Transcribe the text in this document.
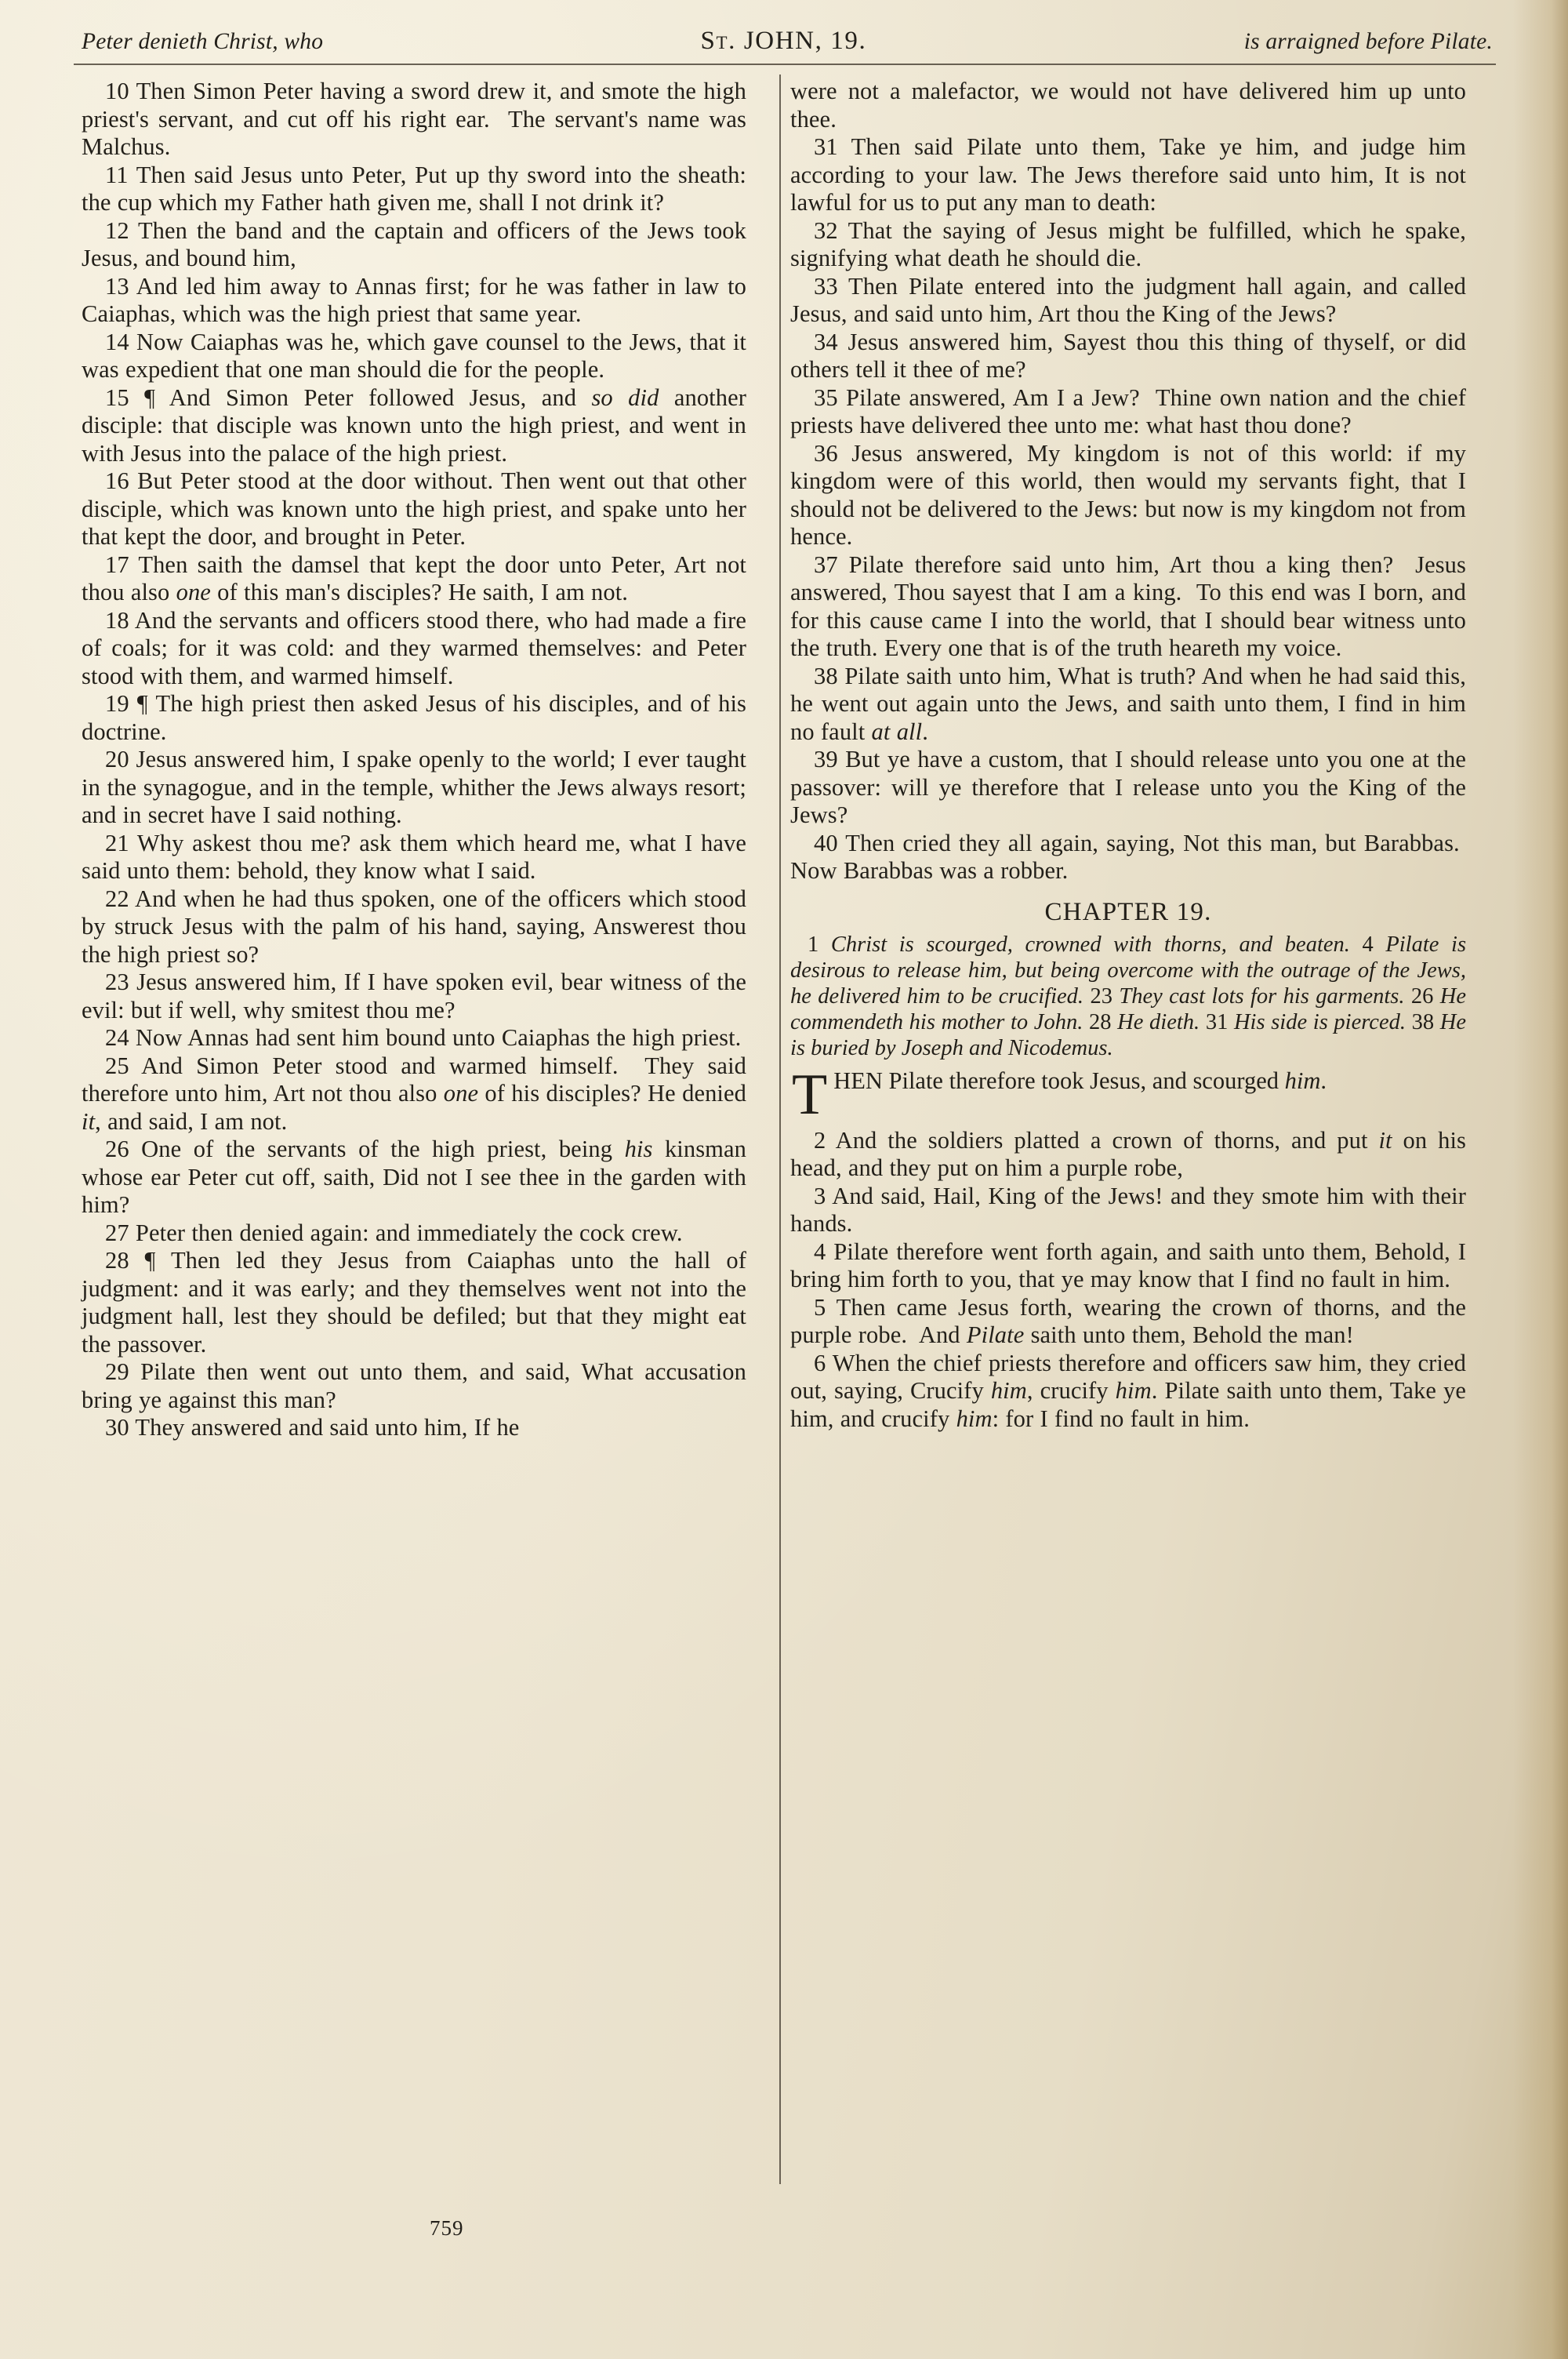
Peter denieth Christ, who	St. JOHN, 19.	is arraigned before Pilate.

10 Then Simon Peter having a sword drew it, and smote the high priest's servant, and cut off his right ear.  The servant's name was Malchus.

11 Then said Jesus unto Peter, Put up thy sword into the sheath: the cup which my Father hath given me, shall I not drink it?

12 Then the band and the captain and officers of the Jews took Jesus, and bound him,

13 And led him away to Annas first; for he was father in law to Caiaphas, which was the high priest that same year.

14 Now Caiaphas was he, which gave counsel to the Jews, that it was expedient that one man should die for the people.

15 ¶ And Simon Peter followed Jesus, and so did another disciple: that disciple was known unto the high priest, and went in with Jesus into the palace of the high priest.

16 But Peter stood at the door without. Then went out that other disciple, which was known unto the high priest, and spake unto her that kept the door, and brought in Peter.

17 Then saith the damsel that kept the door unto Peter, Art not thou also one of this man's disciples? He saith, I am not.

18 And the servants and officers stood there, who had made a fire of coals; for it was cold: and they warmed themselves: and Peter stood with them, and warmed himself.

19 ¶ The high priest then asked Jesus of his disciples, and of his doctrine.

20 Jesus answered him, I spake openly to the world; I ever taught in the synagogue, and in the temple, whither the Jews always resort; and in secret have I said nothing.

21 Why askest thou me? ask them which heard me, what I have said unto them: behold, they know what I said.

22 And when he had thus spoken, one of the officers which stood by struck Jesus with the palm of his hand, saying, Answerest thou the high priest so?

23 Jesus answered him, If I have spoken evil, bear witness of the evil: but if well, why smitest thou me?

24 Now Annas had sent him bound unto Caiaphas the high priest.

25 And Simon Peter stood and warmed himself.  They said therefore unto him, Art not thou also one of his disciples? He denied it, and said, I am not.

26 One of the servants of the high priest, being his kinsman whose ear Peter cut off, saith, Did not I see thee in the garden with him?

27 Peter then denied again: and immediately the cock crew.

28 ¶ Then led they Jesus from Caiaphas unto the hall of judgment: and it was early; and they themselves went not into the judgment hall, lest they should be defiled; but that they might eat the passover.

29 Pilate then went out unto them, and said, What accusation bring ye against this man?

30 They answered and said unto him, If he

759

were not a malefactor, we would not have delivered him up unto thee.

31 Then said Pilate unto them, Take ye him, and judge him according to your law. The Jews therefore said unto him, It is not lawful for us to put any man to death:

32 That the saying of Jesus might be fulfilled, which he spake, signifying what death he should die.

33 Then Pilate entered into the judgment hall again, and called Jesus, and said unto him, Art thou the King of the Jews?

34 Jesus answered him, Sayest thou this thing of thyself, or did others tell it thee of me?

35 Pilate answered, Am I a Jew?  Thine own nation and the chief priests have delivered thee unto me: what hast thou done?

36 Jesus answered, My kingdom is not of this world: if my kingdom were of this world, then would my servants fight, that I should not be delivered to the Jews: but now is my kingdom not from hence.

37 Pilate therefore said unto him, Art thou a king then?  Jesus answered, Thou sayest that I am a king.  To this end was I born, and for this cause came I into the world, that I should bear witness unto the truth. Every one that is of the truth heareth my voice.

38 Pilate saith unto him, What is truth? And when he had said this, he went out again unto the Jews, and saith unto them, I find in him no fault at all.

39 But ye have a custom, that I should release unto you one at the passover: will ye therefore that I release unto you the King of the Jews?

40 Then cried they all again, saying, Not this man, but Barabbas.  Now Barabbas was a robber.

CHAPTER 19.

1 Christ is scourged, crowned with thorns, and beaten. 4 Pilate is desirous to release him, but being overcome with the outrage of the Jews, he delivered him to be crucified. 23 They cast lots for his garments. 26 He commendeth his mother to John. 28 He dieth. 31 His side is pierced. 38 He is buried by Joseph and Nicodemus.

THEN Pilate therefore took Jesus, and scourged him.

2 And the soldiers platted a crown of thorns, and put it on his head, and they put on him a purple robe,

3 And said, Hail, King of the Jews! and they smote him with their hands.

4 Pilate therefore went forth again, and saith unto them, Behold, I bring him forth to you, that ye may know that I find no fault in him.

5 Then came Jesus forth, wearing the crown of thorns, and the purple robe.  And Pilate saith unto them, Behold the man!

6 When the chief priests therefore and officers saw him, they cried out, saying, Crucify him, crucify him. Pilate saith unto them, Take ye him, and crucify him: for I find no fault in him.
